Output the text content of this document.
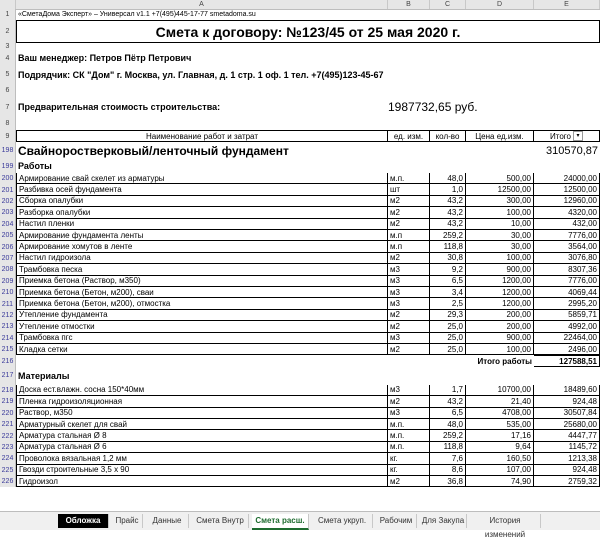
A	B	C	D	E
1	«СметаДома Эксперт» – Универсал v1.1 +7(495)445-17-77 smetadoma.su
2	Смета к договору: №123/45 от 25 мая 2020 г.
3
4 Ваш менеджер: Петров Пётр Петрович
5 Подрядчик: СК "Дом" г. Москва, ул. Главная, д. 1 стр. 1 оф. 1 тел. +7(495)123-45-67
6
7 Предварительная стоимость строительства:	1987732,65 руб.
8
9	Наименование работ и затрат	ед. изм.	кол-во	Цена ед.изм.	Итого ▾
198 Свайноростверковый/ленточный фундамент	310570,87
199 Работы
200 Армирование свай скелет из арматуры	м.п.	48,0	500,00	24000,00
201 Разбивка осей фундамента	шт	1,0	12500,00	12500,00
202 Сборка опалубки	м2	43,2	300,00	12960,00
203 Разборка опалубки	м2	43,2	100,00	4320,00
204 Настил пленки	м2	43,2	10,00	432,00
205 Армирование фундамента ленты	м.п	259,2	30,00	7776,00
206 Армирование хомутов в ленте	м.п	118,8	30,00	3564,00
207 Настил гидроизола	м2	30,8	100,00	3076,80
208 Трамбовка песка	м3	9,2	900,00	8307,36
209 Приемка бетона (Раствор, м350)	м3	6,5	1200,00	7776,00
210 Приемка бетона (Бетон, м200), сваи	м3	3,4	1200,00	4069,44
211 Приемка бетона (Бетон, м200), отмостка	м3	2,5	1200,00	2995,20
212 Утепление фундамента	м2	29,3	200,00	5859,71
213 Утепление отмостки	м2	25,0	200,00	4992,00
214 Трамбовка пгс	м3	25,0	900,00	22464,00
215 Кладка сетки	м2	25,0	100,00	2496,00
216	Итого работы	127588,51
217 Материалы
218 Доска ест.влажн. сосна 150*40мм	м3	1,7	10700,00	18489,60
219 Пленка гидроизоляционная	м2	43,2	21,40	924,48
220 Раствор, м350	м3	6,5	4708,00	30507,84
221 Арматурный скелет для свай	м.п.	48,0	535,00	25680,00
222 Арматура стальная Ø 8	м.п.	259,2	17,16	4447,77
223 Арматура стальная Ø 6	м.п.	118,8	9,64	1145,72
224 Проволока вязальная 1,2 мм	кг.	7,6	160,50	1213,38
225 Гвозди строительные 3,5 х 90	кг.	8,6	107,00	924,48
226 Гидроизол	м2	36,8	74,90	2759,32
Обложка	Прайс	Данные	Смета Внутр	Смета расш.	Смета укруп.	Рабочим	Для Закупа	История изменений
